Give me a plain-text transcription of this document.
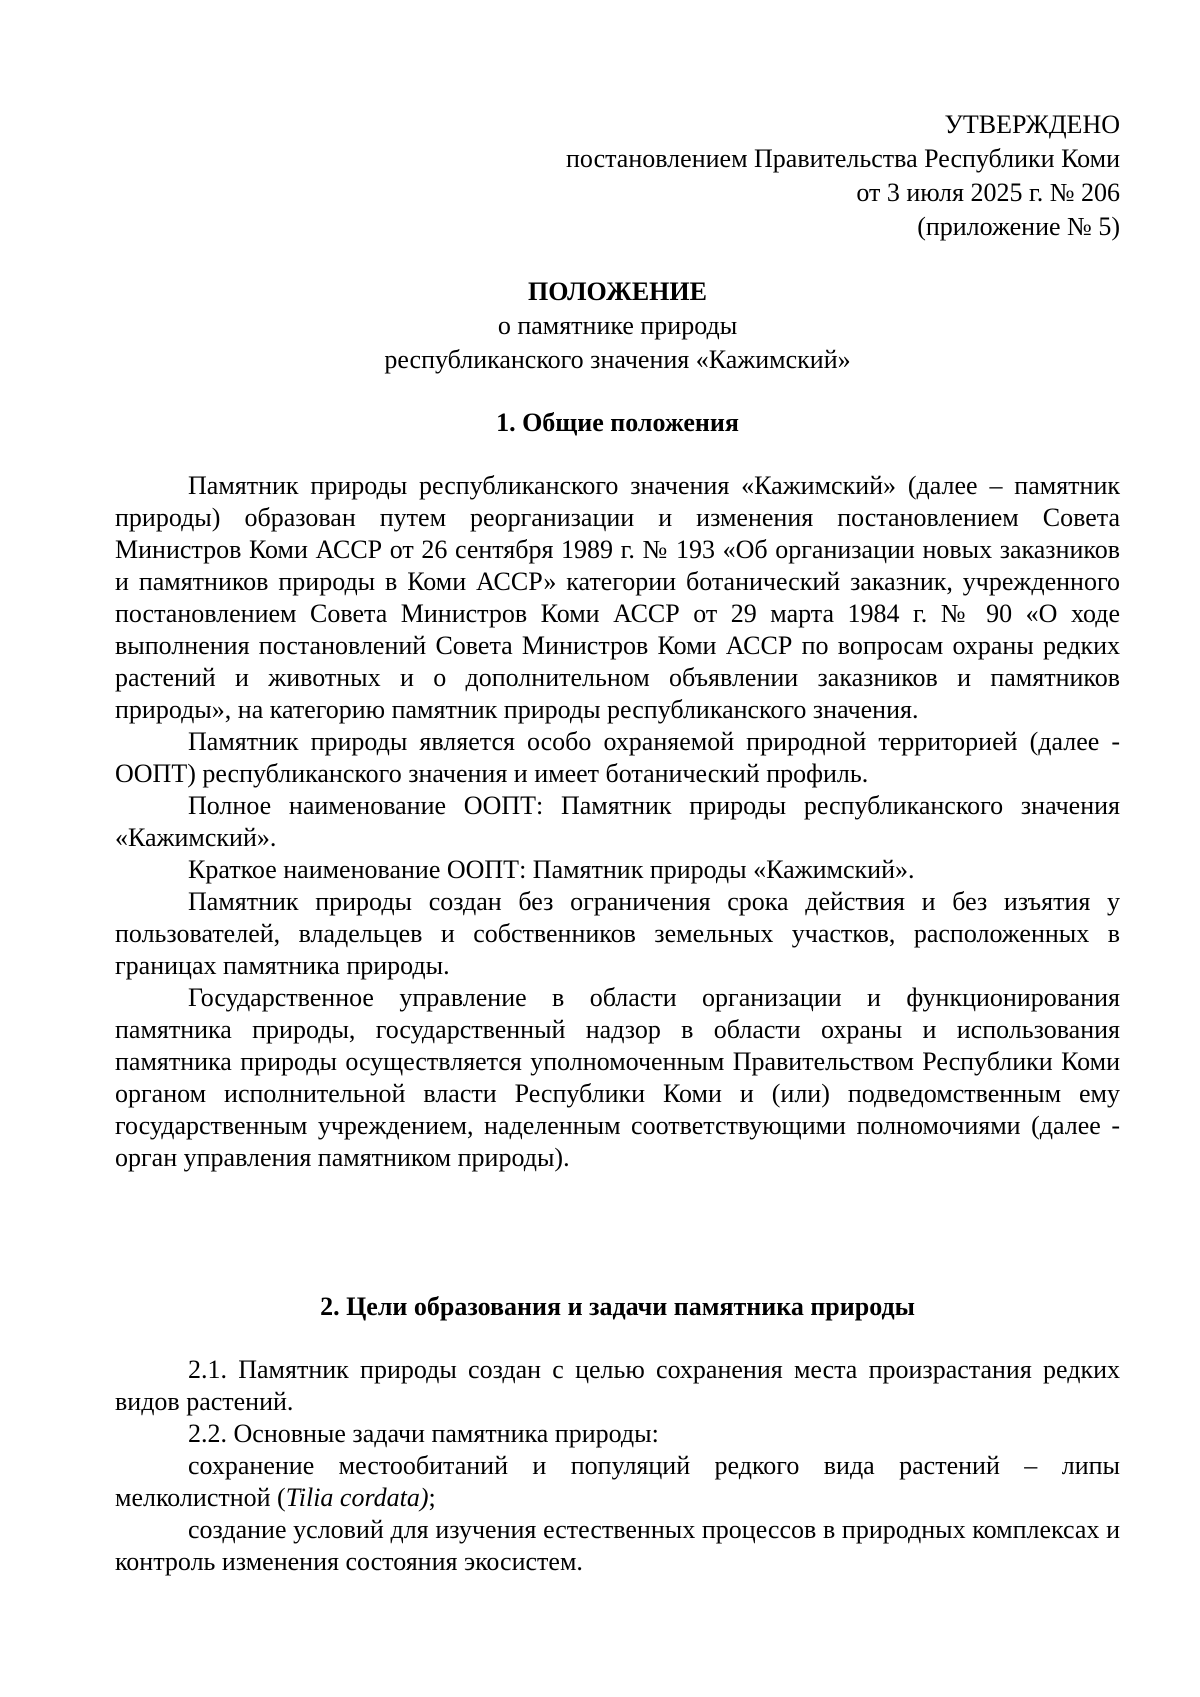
УТВЕРЖДЕНО
постановлением Правительства Республики Коми
от 3 июля 2025 г. № 206
(приложение № 5)
ПОЛОЖЕНИЕ
о памятнике природы
республиканского значения «Кажимский»
1. Общие положения

Памятник природы республиканского значения «Кажимский» (далее – памятник природы) образован путем реорганизации и изменения постановлением Совета Министров Коми АССР от 26 сентября 1989 г. № 193 «Об организации новых заказников и памятников природы в Коми АССР» категории ботанический заказник, учрежденного постановлением Совета Министров Коми АССР от 29 марта 1984 г. № 90 «О ходе выполнения постановлений Совета Министров Коми АССР по вопросам охраны редких растений и животных и о дополнительном объявлении заказников и памятников природы», на категорию памятник природы республиканского значения.

Памятник природы является особо охраняемой природной территорией (далее - ООПТ) республиканского значения и имеет ботанический профиль.

Полное наименование ООПТ: Памятник природы республиканского значения «Кажимский».

Краткое наименование ООПТ: Памятник природы «Кажимский».

Памятник природы создан без ограничения срока действия и без изъятия у пользователей, владельцев и собственников земельных участков, расположенных в границах памятника природы.

Государственное управление в области организации и функционирования памятника природы, государственный надзор в области охраны и использования памятника природы осуществляется уполномоченным Правительством Республики Коми органом исполнительной власти Республики Коми и (или) подведомственным ему государственным учреждением, наделенным соответствующими полномочиями (далее - орган управления памятником природы).

2. Цели образования и задачи памятника природы

2.1. Памятник природы создан с целью сохранения места произрастания редких видов растений.

2.2. Основные задачи памятника природы:

сохранение местообитаний и популяций редкого вида растений – липы мелколистной (Tilia cordata);

создание условий для изучения естественных процессов в природных комплексах и контроль изменения состояния экосистем.
